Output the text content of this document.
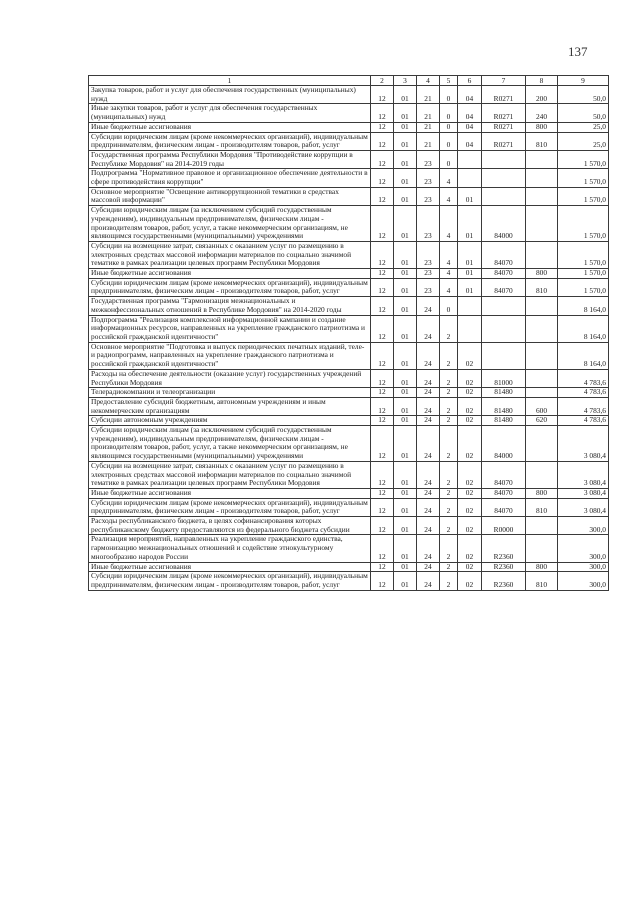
137
1	2	3	4	5	6	7	8	9
Закупка товаров, работ и услуг для обеспечения государственных (муниципальных) нужд	12	01	21	0	04	R0271	200	50,0
Иные закупки товаров, работ и услуг для обеспечения государственных (муниципальных) нужд	12	01	21	0	04	R0271	240	50,0
Иные бюджетные ассигнования	12	01	21	0	04	R0271	800	25,0
Субсидии юридическим лицам (кроме некоммерческих организаций), индивидуальным предпринимателям, физическим лицам - производителям товаров, работ, услуг	12	01	21	0	04	R0271	810	25,0
Государственная программа Республики Мордовия "Противодействие коррупции в Республике Мордовия" на 2014-2019 годы	12	01	23	0				1 570,0
Подпрограмма "Нормативное правовое и организационное обеспечение деятельности в сфере противодействия коррупции"	12	01	23	4				1 570,0
Основное мероприятие "Освещение антикоррупционной тематики в средствах массовой информации"	12	01	23	4	01			1 570,0
Субсидии юридическим лицам (за исключением субсидий государственным учреждениям), индивидуальным предпринимателям, физическим лицам - производителям товаров, работ, услуг, а также некоммерческим организациям, не являющимся государственными (муниципальными) учреждениями	12	01	23	4	01	84000		1 570,0
Субсидии на возмещение затрат, связанных с оказанием услуг по размещению в электронных средствах массовой информации материалов по социально значимой тематике в рамках реализации целевых программ Республики Мордовия	12	01	23	4	01	84070		1 570,0
Иные бюджетные ассигнования	12	01	23	4	01	84070	800	1 570,0
Субсидии юридическим лицам (кроме некоммерческих организаций), индивидуальным предпринимателям, физическим лицам - производителям товаров, работ, услуг	12	01	23	4	01	84070	810	1 570,0
Государственная программа "Гармонизация межнациональных и межконфессиональных отношений в Республике Мордовия" на 2014-2020 годы	12	01	24	0				8 164,0
Подпрограмма "Реализация комплексной информационной кампании и создание информационных ресурсов, направленных на укрепление гражданского патриотизма и российской гражданской идентичности"	12	01	24	2				8 164,0
Основное мероприятие "Подготовка и выпуск периодических печатных изданий, теле- и радиопрограмм, направленных на укрепление гражданского патриотизма и российской гражданской идентичности"	12	01	24	2	02			8 164,0
Расходы на обеспечение деятельности (оказание услуг) государственных учреждений Республики Мордовия	12	01	24	2	02	81000		4 783,6
Телерадиокомпании и телеорганизации	12	01	24	2	02	81480		4 783,6
Предоставление субсидий бюджетным, автономным учреждениям и иным некоммерческим организациям	12	01	24	2	02	81480	600	4 783,6
Субсидии автономным учреждениям	12	01	24	2	02	81480	620	4 783,6
Субсидии юридическим лицам (за исключением субсидий государственным учреждениям), индивидуальным предпринимателям, физическим лицам - производителям товаров, работ, услуг, а также некоммерческим организациям, не являющимся государственными (муниципальными) учреждениями	12	01	24	2	02	84000		3 080,4
Субсидии на возмещение затрат, связанных с оказанием услуг по размещению в электронных средствах массовой информации материалов по социально значимой тематике в рамках реализации целевых программ Республики Мордовия	12	01	24	2	02	84070		3 080,4
Иные бюджетные ассигнования	12	01	24	2	02	84070	800	3 080,4
Субсидии юридическим лицам (кроме некоммерческих организаций), индивидуальным предпринимателям, физическим лицам - производителям товаров, работ, услуг	12	01	24	2	02	84070	810	3 080,4
Расходы республиканского бюджета, в целях софинансирования которых республиканскому бюджету предоставляются из федерального бюджета субсидии	12	01	24	2	02	R0000		300,0
Реализация мероприятий, направленных на укрепление гражданского единства, гармонизацию межнациональных отношений и содействие этнокультурному многообразию народов России	12	01	24	2	02	R2360		300,0
Иные бюджетные ассигнования	12	01	24	2	02	R2360	800	300,0
Субсидии юридическим лицам (кроме некоммерческих организаций), индивидуальным предпринимателям, физическим лицам - производителям товаров, работ, услуг	12	01	24	2	02	R2360	810	300,0
